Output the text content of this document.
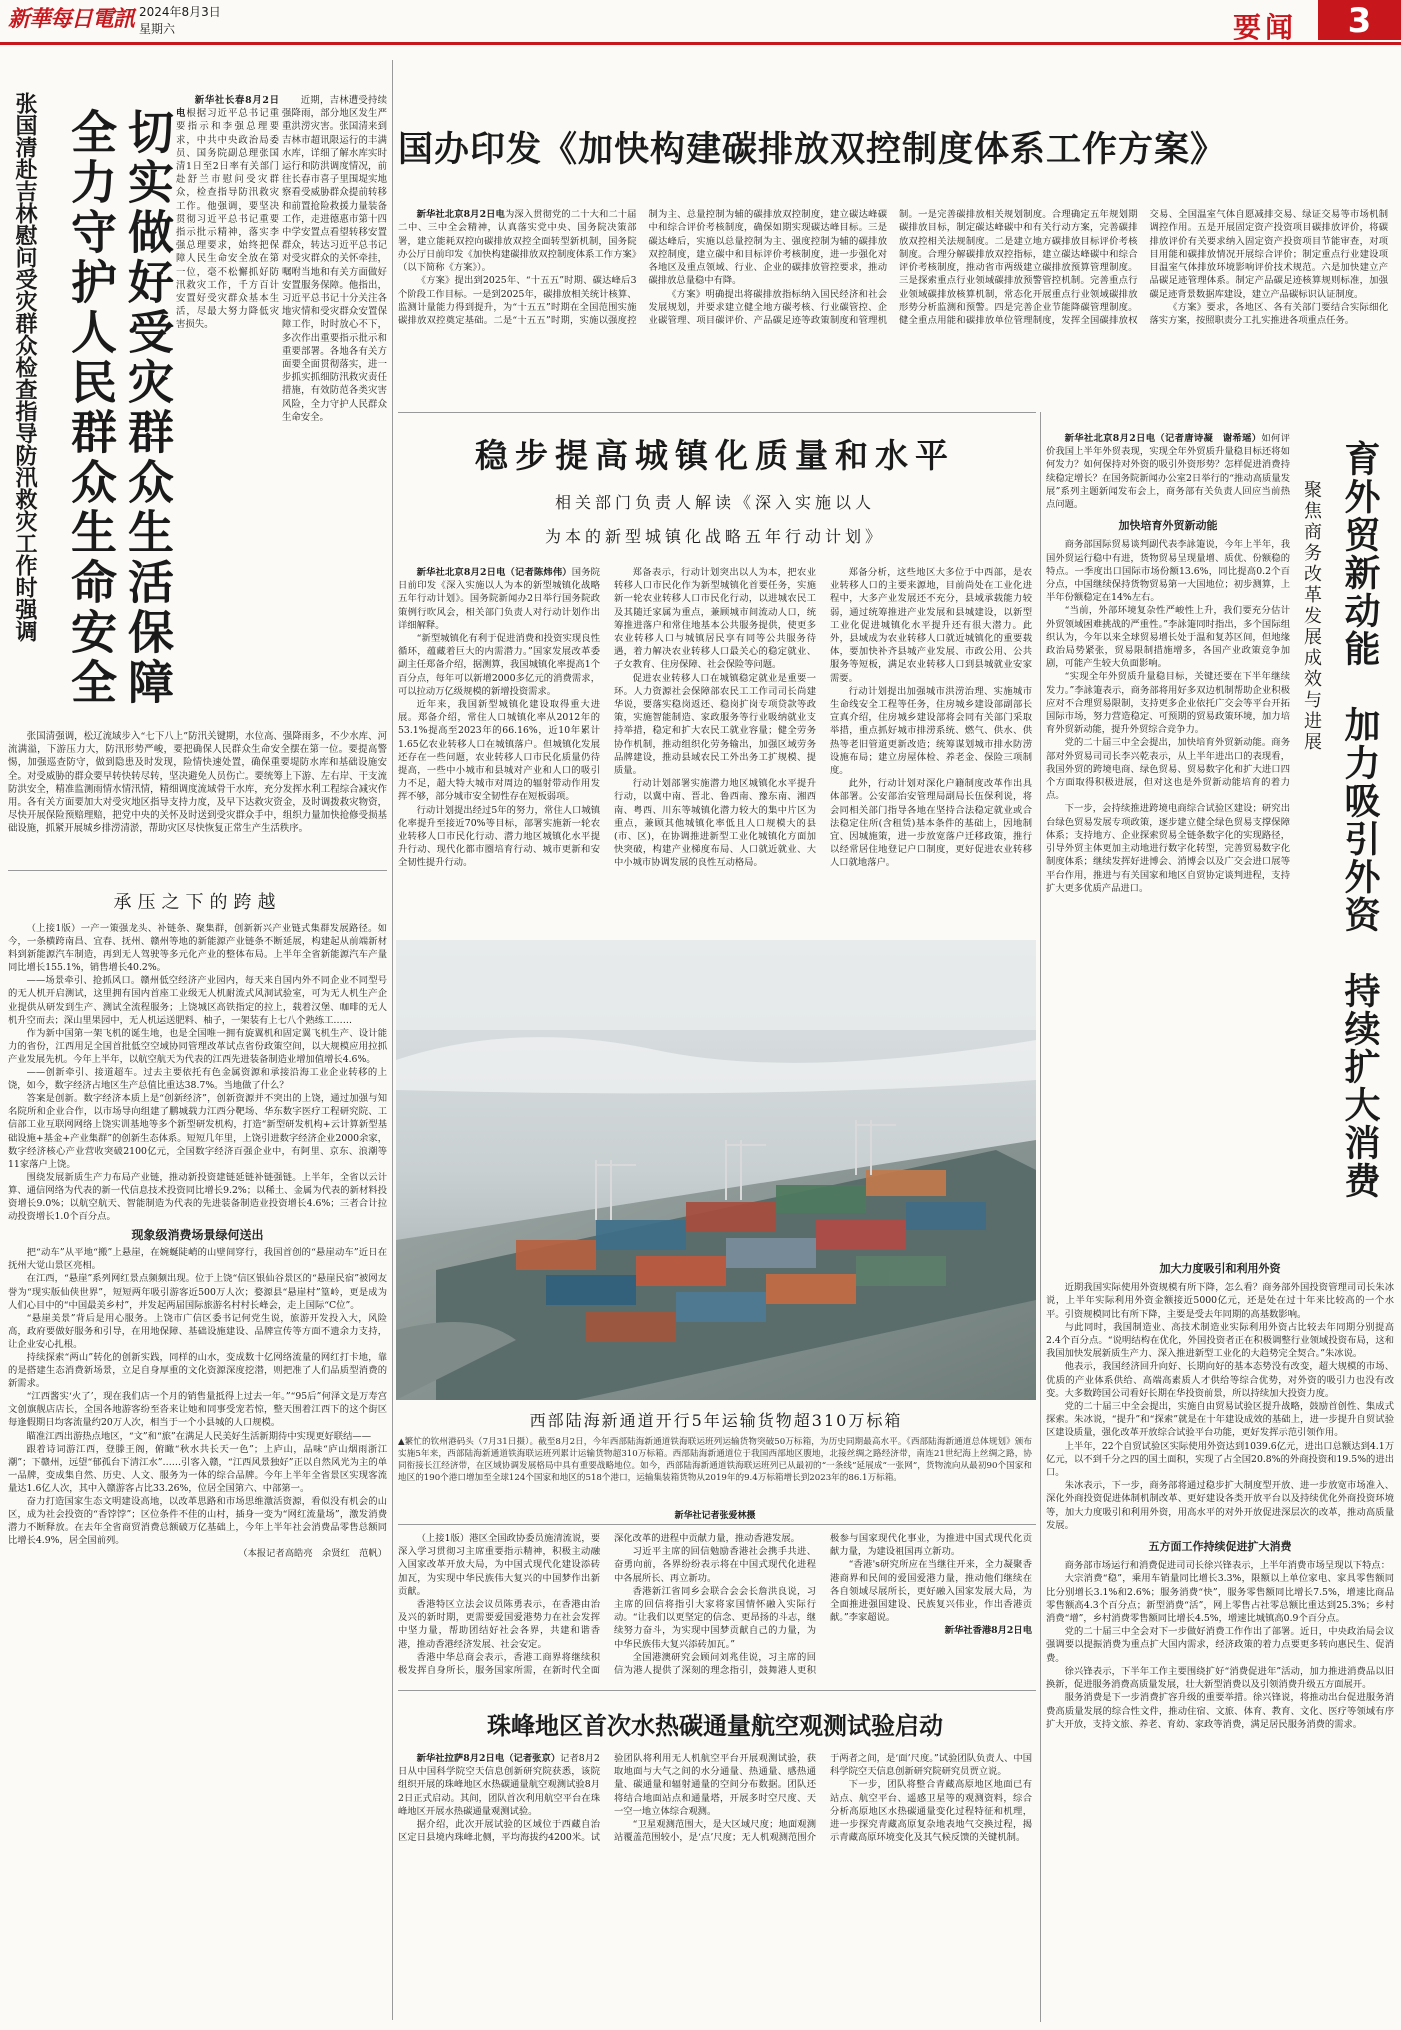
新華每日電訊 2024年8月3日
星期六	要闻	3
切实做好受灾群众生活保障
全力守护人民群众生命安全
张国清赴吉林慰问受灾群众检查指导防汛救灾工作时强调	新华社长春8月2日电根据习近平总书记重要指示和李强总理要求，中共中央政治局委员、国务院副总理张国清1日至2日率有关部门赴舒兰市慰问受灾群众，检查指导防汛救灾工作。他强调，要坚决贯彻习近平总书记重要指示批示精神，落实李强总理要求，始终把保障人民生命安全放在第一位，毫不松懈抓好防汛救灾工作，千方百计安置好受灾群众基本生活，尽最大努力降低灾害损失。

近期，吉林遭受持续强降雨，部分地区发生严重洪涝灾害。张国清来到吉林市超讯限运行的丰满水库，详细了解水库实时运行和防洪调度情况，前往长春市喜子里围堤实地察看受威胁群众提前转移和前置抢险救援力量装备工作，走进德惠市第十四中学安置点看望转移安置群众，转达习近平总书记对受灾群众的关怀牵挂，嘱咐当地和有关方面做好安置服务保障。他指出，习近平总书记十分关注各地灾情和受灾群众安置保障工作，时时放心不下，多次作出重要指示批示和重要部署。各地各有关方面要全面贯彻落实，进一步抓实抓细防汛救灾责任措施，有效防范各类灾害风险，全力守护人民群众生命安全。

张国清强调，松辽流域步入“七下八上”防汛关键期，水位高、强降雨多，不少水库、河流满溢，下游压力大，防汛形势严峻，要把确保人民群众生命安全摆在第一位。要提高警惕，加强巡查防守，做到隐患及时发现，险情快速处置，确保重要堤防水库和基础设施安全。对受威胁的群众要早转快转尽转，坚决避免人员伤亡。要统筹上下游、左右岸、干支流防洪安全，精准监测雨情水情汛情，精细调度流域骨干水库，充分发挥水利工程综合减灾作用。各有关方面要加大对受灾地区指导支持力度，及早下达救灾资金，及时调拨救灾物资，尽快开展保险预赔理赔，把党中央的关怀及时送到受灾群众手中，组织力量加快抢修受损基础设施，抓紧开展城乡排涝清淤，帮助灾区尽快恢复正常生产生活秩序。

承压之下的跨越

（上接1版）一产一策强龙头、补链条、聚集群，创新新兴产业链式集群发展路径。如今，一条横跨南昌、宜春、抚州、赣州等地的新能源产业链条不断延展，构建起从前端新材料到新能源汽车制造，再到无人驾驶等多元化产业的整体布局。上半年全省新能源汽车产量同比增长155.1%，销售增长40.2%。

——场景牵引、抢抓风口。赣州低空经济产业园内，每天来自国内外不同企业不同型号的无人机开启测试，这里拥有国内首座工业级无人机耐流式风洞试验室，可为无人机生产企业提供从研发到生产、测试全流程服务；上饶城区高铁指定的拉上，载着汉堡、咖啡的无人机升空而去；深山里果园中，无人机运送肥料、柚子，一架装有上七八个熟练工……

作为新中国第一架飞机的诞生地，也是全国唯一拥有旋翼机和固定翼飞机生产、设计能力的省份，江西用足全国首批低空空域协同管理改革试点省份政策空间，以大规模应用拉抓产业发展先机。今年上半年，以航空航天为代表的江西先进装备制造业增加值增长4.6%。

——创新牵引、接道超车。过去主要依托有色金属资源和承接沿海工业企业转移的上饶，如今，数字经济占地区生产总值比重达38.7%。当地做了什么？

答案是创新。数字经济本质上是“创新经济”，创新资源并不突出的上饶，通过加强与知名院所和企业合作，以市场导向组建了鹏城载力江西分靶场、华东数字医疗工程研究院、工信部工业互联网网络上饶实训基地等多个新型研发机构，打造“新型研发机构+云计算新型基础设施+基金+产业集群”的创新生态体系。短短几年里，上饶引进数字经济企业2000余家，数字经济核心产业营收突破2100亿元，全国数字经济百强企业中，有阿里、京东、浪潮等11家落户上饶。

围绕发展新质生产力布局产业链，推动新投资建链延链补链强链。上半年，全省以云计算、通信网络为代表的新一代信息技术投资同比增长9.2%；以稀土、金属为代表的新材料投资增长9.0%；以航空航天、智能制造为代表的先进装备制造业投资增长4.6%；三者合计拉动投资增长1.0个百分点。

现象级消费场景绿何送出

把“动车”从平地“搬”上悬崖，在婉蜒陡峭的山壁间穿行，我国首创的“悬崖动车”近日在抚州大觉山景区亮相。

在江西，“悬崖”系列网红景点频频出现。位于上饶“信区银仙谷景区的“悬崖民宿”被网友誉为“现实版仙侠世界”，短短两年吸引游客近500万人次；婺源县“悬崖村”篁岭，更是成为人们心目中的“中国最美乡村”，并发起两届国际旅游名村村长峰会，走上国际“C位”。

“悬崖美景”背后是用心服务。上饶市广信区委书记何党生说，旅游开发投入大，风险高，政府要做好服务和引导，在用地保障、基础设施建设、品牌宣传等方面不遗余力支持，让企业安心扎根。

持续探索“两山”转化的创新实践，同样的山水，变成数十亿网络流量的网红打卡地，靠的是搭建生态消费新场景，立足自身厚重的文化资源深度挖潜，则把准了人们品质型消费的新需求。

“江西酱实‘火了’，现在我们店一个月的销售量抵得上过去一年。”“95后”何泽文是万寿宫文创旗舰店店长，全国各地游客纷至沓来让她和同事受宠若惊，整天围着江西下的这个街区每逢假期日均客流量约20万人次，相当于一个小县城的人口规模。

瞄准江西出游热点地区，“文”和“旅”在满足人民美好生活新期待中实现更好联结——

跟着诗词游江西，登滕王阁，俯瞰“秋水共长天一色”；上庐山，品味“庐山烟雨浙江潮”；下赣州，远望“郁孤台下清江水”……引客入赣，“江西风景独好”正以自然风光为主的单一品牌，变成集自然、历史、人文、服务为一体的综合品牌。今年上半年全省景区实现客流量达1.6亿人次，其中入赣游客占比33.26%，位居全国第六、中部第一。

奋力打造国家生态文明建设高地，以改革思路和市场思维激活资源，看似没有机会的山区，成为社会投资的“香饽饽”；区位条件不佳的山村，插身一变为“网红流量场”，激发消费潜力不断释放。在去年全省商贸消费总额破万亿基础上，今年上半年社会消费品零售总额同比增长4.9%，居全国前列。

（本报记者高皓亮　余贤红　范帆）
国办印发《加快构建碳排放双控制度体系工作方案》

新华社北京8月2日电为深入贯彻党的二十大和二十届二中、三中全会精神，认真落实党中央、国务院决策部署，建立能耗双控向碳排放双控全面转型新机制，国务院办公厅日前印发《加快构建碳排放双控制度体系工作方案》（以下简称《方案》）。

《方案》提出到2025年、“十五五”时期、碳达峰后3个阶段工作目标。一是到2025年，碳排放相关统计核算、监测计量能力得到提升，为“十五五”时期在全国范围实施碳排放双控奠定基础。二是“十五五”时期，实施以强度控制为主、总量控制为辅的碳排放双控制度，建立碳达峰碳中和综合评价考核制度，确保如期实现碳达峰目标。三是碳达峰后，实施以总量控制为主、强度控制为辅的碳排放双控制度，建立碳中和目标评价考核制度，进一步强化对各地区及重点领域、行业、企业的碳排放管控要求，推动碳排放总量稳中有降。

《方案》明确提出将碳排放指标纳入国民经济和社会发展规划，并要求建立健全地方碳考核、行业碳管控、企业碳管理、项目碳评价、产品碳足迹等政策制度和管理机制。一是完善碳排放相关规划制度。合理确定五年规划期碳排放目标，制定碳达峰碳中和有关行动方案，完善碳排放双控相关法规制度。二是建立地方碳排放目标评价考核制度。合理分解碳排放双控指标，建立碳达峰碳中和综合评价考核制度，推动省市两级建立碳排放预算管理制度。三是探索重点行业领域碳排放预警管控机制。完善重点行业领域碳排放核算机制，常态化开展重点行业领域碳排放形势分析监测和预警。四是完善企业节能降碳管理制度。健全重点用能和碳排放单位管理制度，发挥全国碳排放权交易、全国温室气体自愿减排交易、绿证交易等市场机制调控作用。五是开展固定资产投资项目碳排放评价，将碳排放评价有关要求纳入固定资产投资项目节能审查，对项目用能和碳排放情况开展综合评价；制定重点行业建设项目温室气体排放环境影响评价技术规范。六是加快建立产品碳足迹管理体系。制定产品碳足迹核算规则标准，加强碳足迹背景数据库建设，建立产品碳标识认证制度。

《方案》要求，各地区、各有关部门要结合实际细化落实方案，按照职责分工扎实推进各项重点任务。

稳步提高城镇化质量和水平
相关部门负责人解读《深入实施以人
为本的新型城镇化战略五年行动计划》

新华社北京8月2日电（记者陈炜伟）国务院日前印发《深入实施以人为本的新型城镇化战略五年行动计划》。国务院新闻办2日举行国务院政策例行吹风会，相关部门负责人对行动计划作出详细解释。

“新型城镇化有利于促进消费和投资实现良性循环，蕴藏着巨大的内需潜力。”国家发展改革委副主任郑备介绍，据测算，我国城镇化率提高1个百分点，每年可以新增2000多亿元的消费需求，可以拉动万亿级规模的新增投资需求。

近年来，我国新型城镇化建设取得重大进展。郑备介绍，常住人口城镇化率从2012年的53.1%提高至2023年的66.16%，近10年累计1.65亿农业转移人口在城镇落户。但城镇化发展还存在一些问题，农业转移人口市民化质量仍待提高，一些中小城市和县城对产业和人口的吸引力不足，超大特大城市对周边的辐射带动作用发挥不够，部分城市安全韧性存在短板弱项。

行动计划提出经过5年的努力，常住人口城镇化率提升至接近70%等目标，部署实施新一轮农业转移人口市民化行动、潜力地区城镇化水平提升行动、现代化都市圈培育行动、城市更新和安全韧性提升行动。

郑备表示，行动计划突出以人为本，把农业转移人口市民化作为新型城镇化首要任务，实施新一轮农业转移人口市民化行动，以进城农民工及其随迁家属为重点，兼顾城市间流动人口，统筹推进落户和常住地基本公共服务提供，使更多农业转移人口与城镇居民享有同等公共服务待遇，着力解决农业转移人口最关心的稳定就业、子女教育、住房保障、社会保险等问题。

促进农业转移人口在城镇稳定就业是重要一环。人力资源社会保障部农民工工作司司长尚建华说，要落实稳岗返还、稳岗扩岗专项贷款等政策，实施智能制造、家政服务等行业吸纳就业支持举措，稳定和扩大农民工就业容量；健全劳务协作机制，推动组织化劳务输出，加强区域劳务品牌建设，推动县域农民工外出务工扩规模、提质量。

行动计划部署实施潜力地区城镇化水平提升行动，以冀中南、晋北、鲁西南、豫东南、湘西南、粤西、川东等城镇化潜力较大的集中片区为重点，兼顾其他城镇化率低且人口规模大的县(市、区)，在协调推进新型工业化城镇化方面加快突破，构建产业梯度布局、人口就近就业、大中小城市协调发展的良性互动格局。

郑备分析，这些地区大多位于中西部，是农业转移人口的主要来源地，目前尚处在工业化进程中，大多产业发展还不充分，县域承载能力较弱，通过统筹推进产业发展和县城建设，以新型工业化促进城镇化水平提升还有很大潜力。此外，县域成为农业转移人口就近城镇化的重要载体，要加快补齐县城产业发展、市政公用、公共服务等短板，满足农业转移人口到县城就业安家需要。

行动计划提出加强城市洪涝治理、实施城市生命线安全工程等任务，住房城乡建设部副部长宣真介绍，住房城乡建设部将会同有关部门采取举措，重点抓好城市排涝系统、燃气、供水、供热等老旧管道更新改造；统筹谋划城市排水防涝设施布局；建立房屋体检、养老金、保险三项制度。

此外，行动计划对深化户籍制度改革作出具体部署。公安部治安管理局副局长伍保利说，将会同相关部门指导各地在坚持合法稳定就业或合法稳定住所(含租赁)基本条件的基础上，因地制宜、因城施策，进一步放宽落户迁移政策，推行以经常居住地登记户口制度，更好促进农业转移人口就地落户。

西部陆海新通道开行5年运输货物超310万标箱
▲繁忙的钦州港码头（7月31日摄）。截至8月2日，今年西部陆海新通道铁海联运班列运输货物突破50万标箱，为历史同期最高水平。《西部陆海新通道总体规划》颁布实施5年来，西部陆海新通道铁海联运班列累计运输货物超310万标箱。西部陆海新通道位于我国西部地区腹地，北接丝绸之路经济带，南连21世纪海上丝绸之路，协同衔接长江经济带，在区域协调发展格局中具有重要战略地位。如今，西部陆海新通道铁海联运班列已从最初的“一条线”延展成“一张网”，货物流向从最初90个国家和地区的190个港口增加至全球124个国家和地区的518个港口，运输集装箱货物从2019年的9.4万标箱增长到2023年的86.1万标箱。
新华社记者张爱林摄

（上接1版）港区全国政协委员施清流说，要深入学习贯彻习主席重要指示精神，积极主动融入国家改革开放大局，为中国式现代化建设添砖加瓦，为实现中华民族伟大复兴的中国梦作出新贡献。

香港特区立法会议员陈勇表示，在香港由治及兴的新时期，更需要爱国爱港势力在社会发挥中坚力量，帮助团结好社会各界，共建和谐香港，推动香港经济发展、社会安定。

香港中华总商会表示，香港工商界将继续积极发挥自身所长，服务国家所需，在新时代全面深化改革的进程中贡献力量，推动香港发展。

习近平主席的回信勉励香港社会携手共进、奋勇向前，各界纷纷表示将在中国式现代化进程中各展所长、再立新功。

香港新江省同乡会联合会会长詹洪良说，习主席的回信将指引大家将家国情怀融入实际行动。“让我们以更坚定的信念、更昂扬的斗志，继续努力奋斗，为实现中国梦贡献自己的力量，为中华民族伟大复兴添砖加瓦。”

全国港澳研究会顾问刘兆佳说，习主席的回信为港人提供了深刻的理念指引，鼓舞港人更积极参与国家现代化事业，为推进中国式现代化贡献力量，为建设祖国再立新功。

“香港's研究所应在当继往开来，全力凝聚香港商界和民间的爱国爱港力量，推动他们继续在各自领域尽展所长，更好融入国家发展大局，为全面推进强国建设、民族复兴伟业，作出香港贡献。”李家超说。

新华社香港8月2日电
珠峰地区首次水热碳通量航空观测试验启动

新华社拉萨8月2日电（记者张京）记者8月2日从中国科学院空天信息创新研究院获悉，该院组织开展的珠峰地区水热碳通量航空观测试验8月2日正式启动。其间，团队首次利用航空平台在珠峰地区开展水热碳通量观测试验。

据介绍，此次开展试验的区域位于西藏自治区定日县境内珠峰北侧，平均海拔约4200米。试验团队将利用无人机航空平台开展观测试验，获取地面与大气之间的水分通量、热通量、感热通量、碳通量和辐射通量的空间分布数据。团队还将结合地面站点和通量塔，开展多时空尺度、天一空一地立体综合观测。

“卫星观测范围大，是大区域尺度；地面观测站覆盖范围较小，是‘点’尺度；无人机观测范围介于两者之间，是‘面’尺度。”试验团队负责人、中国科学院空天信息创新研究院研究员贾立说。

下一步，团队将整合青藏高原地区地面已有站点、航空平台、遥感卫星等的观测资料，综合分析高原地区水热碳通量变化过程特征和机理，进一步探究青藏高原复杂地表地气交换过程，揭示青藏高原环境变化及其气候反馈的关键机制。

育外贸新动能　加力吸引外资　持续扩大消费
聚焦商务改革发展成效与进展

新华社北京8月2日电（记者唐诗凝　谢希瑶）如何评价我国上半年外贸表现，实现全年外贸质升量稳目标还将如何发力？如何保持对外资的吸引外资形势？怎样促进消费持续稳定增长？在国务院新闻办公室2日举行的“推动高质量发展”系列主题新闻发布会上，商务部有关负责人回应当前热点问题。

加快培育外贸新动能

商务部国际贸易谈判副代表李詠箑说，今年上半年，我国外贸运行稳中有进，货物贸易呈现量增、质优、份额稳的特点。一季度出口国际市场份额13.6%，同比提高0.2个百分点，中国继续保持货物贸易第一大国地位；初步测算，上半年份额稳定在14%左右。

“当前，外部环境复杂性严峻性上升，我们要充分估计外贸领域困难挑战的严重性。”李詠箑同时指出，多个国际组织认为，今年以来全球贸易增长处于温和复苏区间，但地缘政治局势紧张，贸易限制措施增多，各国产业政策竞争加剧，可能产生较大负面影响。

“实现全年外贸质升量稳目标，关键还要在下半年继续发力。”李詠箑表示，商务部将用好多双边机制帮助企业积极应对不合理贸易限制，支持更多企业依托广交会等平台开拓国际市场，努力营造稳定、可预期的贸易政策环境，加力培育外贸新动能，提升外贸综合竞争力。

党的二十届三中全会提出，加快培育外贸新动能。商务部对外贸易司司长李兴乾表示，从上半年进出口的表现看，我国外贸的跨境电商、绿色贸易、贸易数字化和扩大进口四个方面取得积极进展，但对这也是外贸新动能培育的着力点。

下一步，会持续推进跨境电商综合试验区建设；研究出台绿色贸易发展专项政策，逐步建立健全绿色贸易支撑保障体系；支持地方、企业探索贸易全链条数字化的实现路径，引导外贸主体更加主动地进行数字化转型，完善贸易数字化制度体系；继续发挥好进博会、消博会以及广交会进口展等平台作用，推进与有关国家和地区自贸协定谈判进程，支持扩大更多优质产品进口。

加大力度吸引和利用外资

近期我国实际使用外资规模有所下降，怎么看？商务部外国投资管理司司长朱冰说，上半年实际利用外资金额接近5000亿元，还是处在过十年来比较高的一个水平。引资规模同比有所下降，主要是受去年同期的高基数影响。

与此同时，我国制造业、高技术制造业实际利用外资占比较去年同期分别提高2.4个百分点。“说明结构在优化，外国投资者正在积极调整行业领域投资布局，这和我国加快发展新质生产力、深入推进新型工业化的大趋势完全契合。”朱冰说。

他表示，我国经济回升向好、长期向好的基本态势没有改变，超大规模的市场、优质的产业体系供给、高端高素质人才供给等综合优势，对外资的吸引力也没有改变。大多数跨国公司看好长期在华投资前景，所以持续加大投资力度。

党的二十届三中全会提出，实施自由贸易试验区提升战略，鼓励首创性、集成式探索。朱冰说，“提升”和“探索”就是在十年建设成效的基础上，进一步提升自贸试验区建设质量，强化改革开放综合试验平台功能，更好发挥示范引领作用。

上半年，22个自贸试验区实际使用外资达到1039.6亿元，进出口总额达到4.1万亿元，以不到千分之四的国土面积，实现了占全国20.8%的外商投资和19.5%的进出口。

朱冰表示，下一步，商务部将通过稳步扩大制度型开放、进一步放宽市场准入、深化外商投资促进体制机制改革、更好建设各类开放平台以及持续优化外商投资环境等，加大力度吸引和利用外资，用高水平的对外开放促进深层次的改革，推动高质量发展。

五方面工作持续促进扩大消费

商务部市场运行和消费促进司司长徐兴锋表示，上半年消费市场呈现以下特点：

大宗消费“稳”，乘用车销量同比增长3.3%，限额以上单位家电、家具零售额同比分别增长3.1%和2.6%；服务消费“快”，服务零售额同比增长7.5%，增速比商品零售额高4.3个百分点；新型消费“活”，网上零售占社零总额比重达到25.3%；乡村消费“增”，乡村消费零售额同比增长4.5%，增速比城镇高0.9个百分点。

党的二十届三中全会对下一步做好消费工作作出了部署。近日，中央政治局会议强调要以提振消费为重点扩大国内需求，经济政策的着力点要更多转向惠民生、促消费。

徐兴锋表示，下半年工作主要围绕扩好“消费促进年”活动，加力推进消费品以旧换新，促进服务消费高质量发展，壮大新型消费以及引领消费升级五方面展开。

服务消费是下一步消费扩容升级的重要举措。徐兴锋说，将推动出台促进服务消费高质量发展的综合性文件，推动住宿、文旅、体育、教育、文化、医疗等领域有序扩大开放，支持文旅、养老、育幼、家政等消费，满足居民服务消费的需求。
